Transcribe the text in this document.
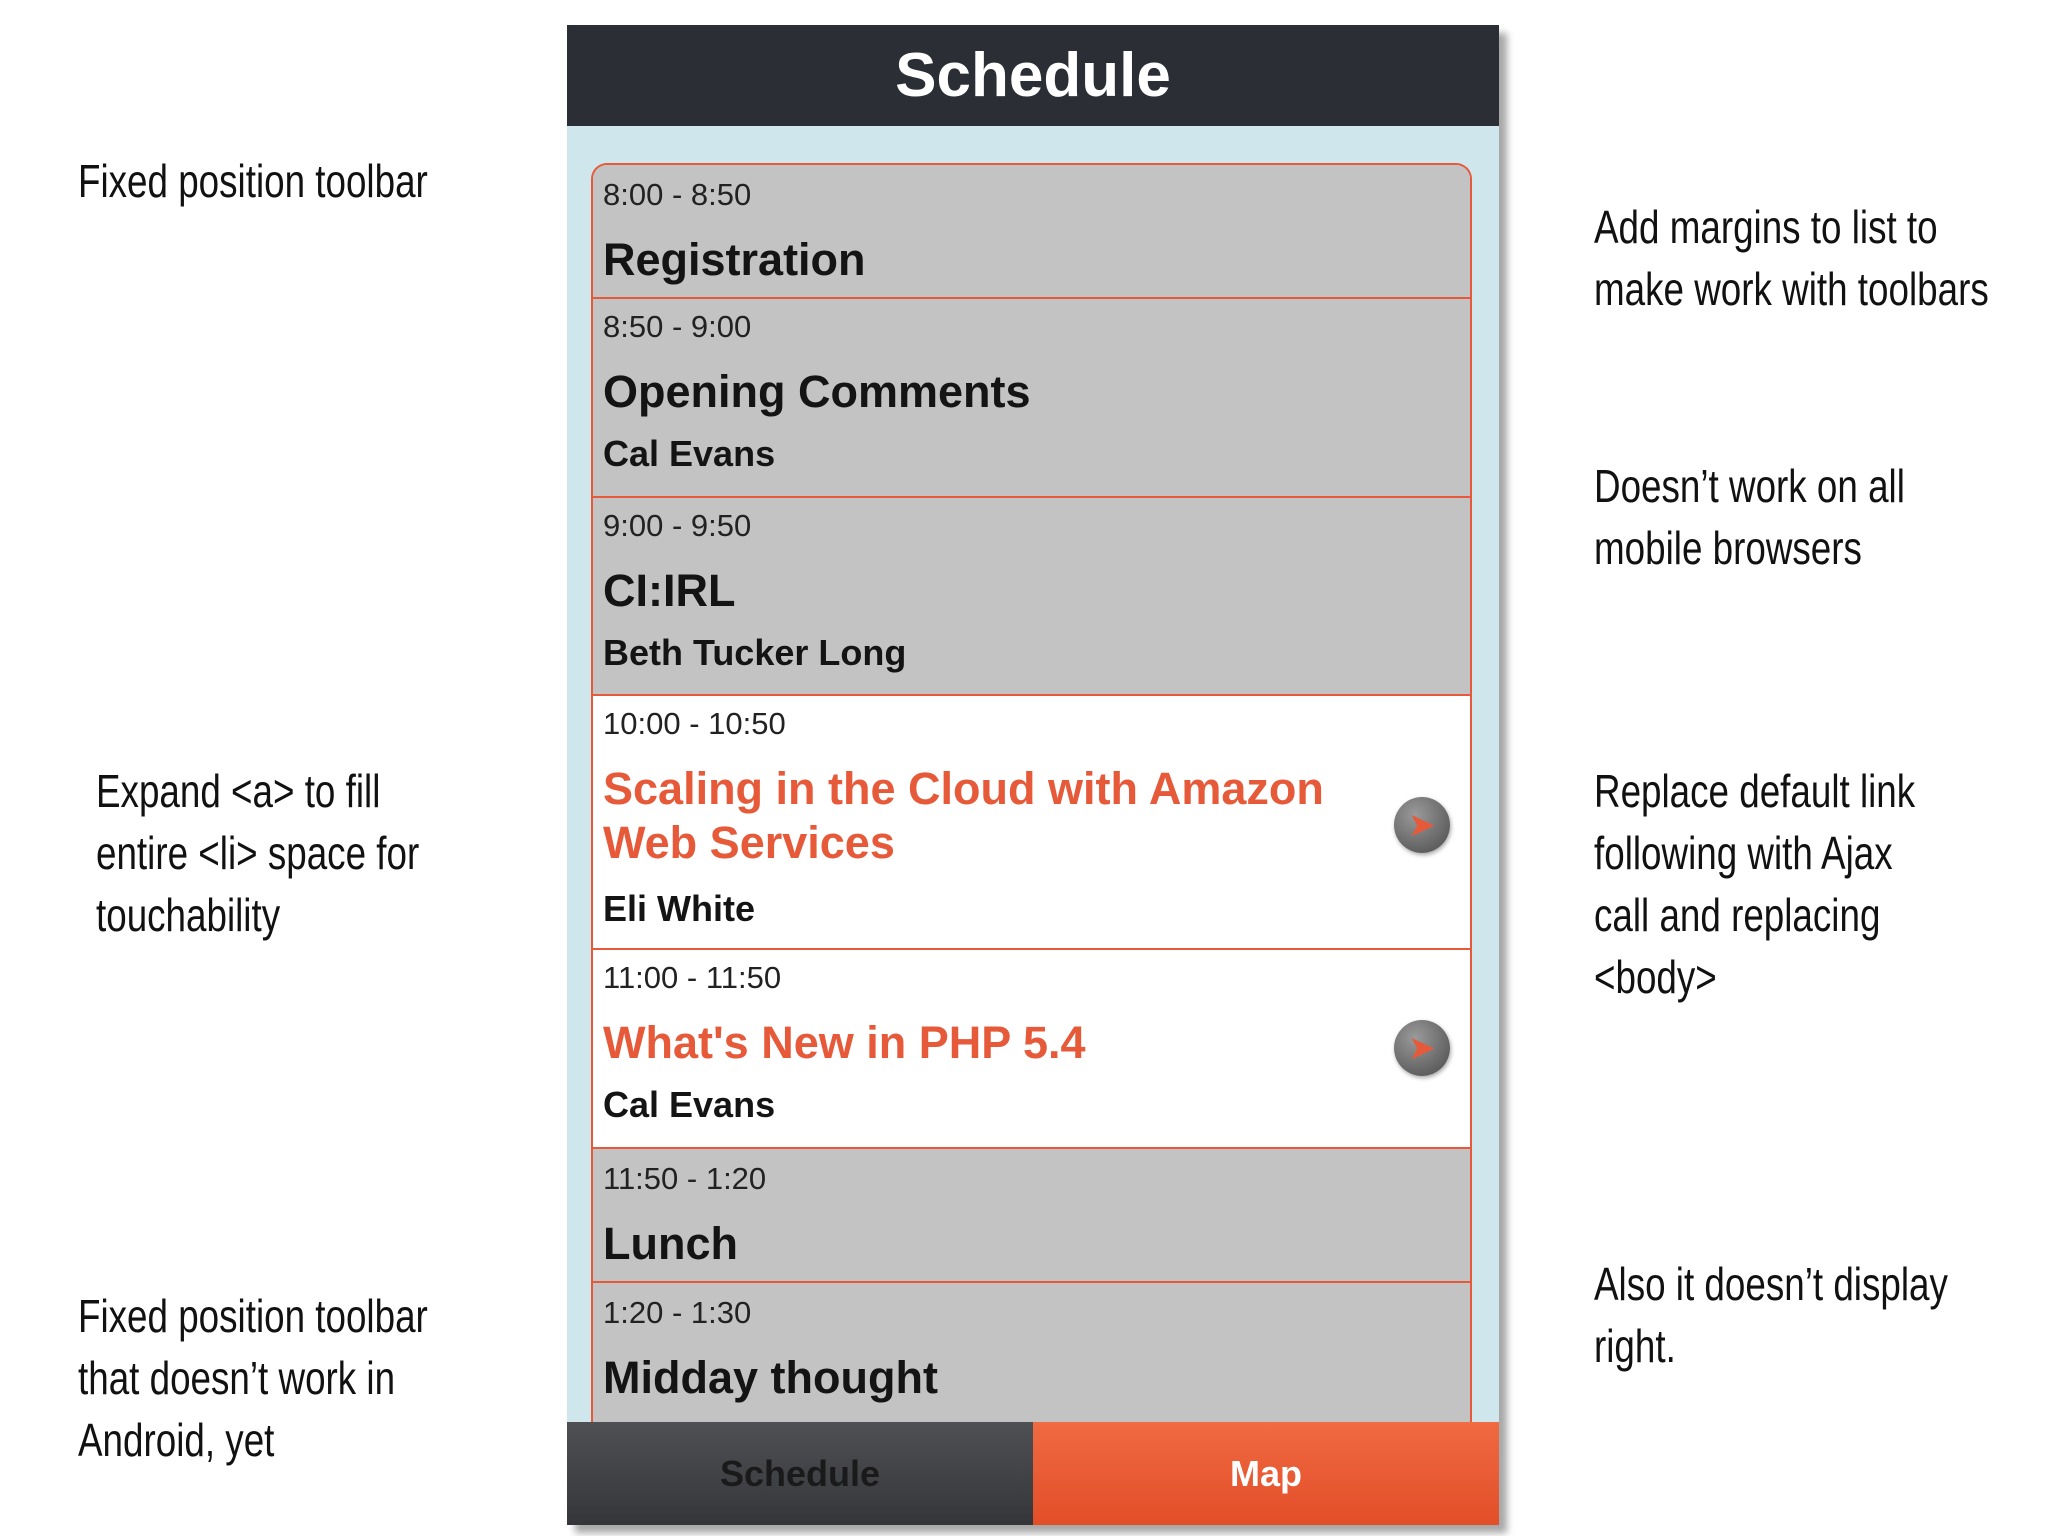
Fixed position toolbar
Expand <a> to fill
entire <li> space for
touchability
Fixed position toolbar
that doesn’t work in
Android, yet
Add margins to list to
make work with toolbars
Doesn’t work on all
mobile browsers
Replace default link
following with Ajax
call and replacing
<body>
Also it doesn’t display
right.
Schedule
8:00 - 8:50
Registration
8:50 - 9:00
Opening Comments
Cal Evans
9:00 - 9:50
CI:IRL
Beth Tucker Long
10:00 - 10:50
Scaling in the Cloud with Amazon
Web Services
Eli White
➤
11:00 - 11:50
What's New in PHP 5.4
Cal Evans
➤
11:50 - 1:20
Lunch
1:20 - 1:30
Midday thought
Schedule	Map
